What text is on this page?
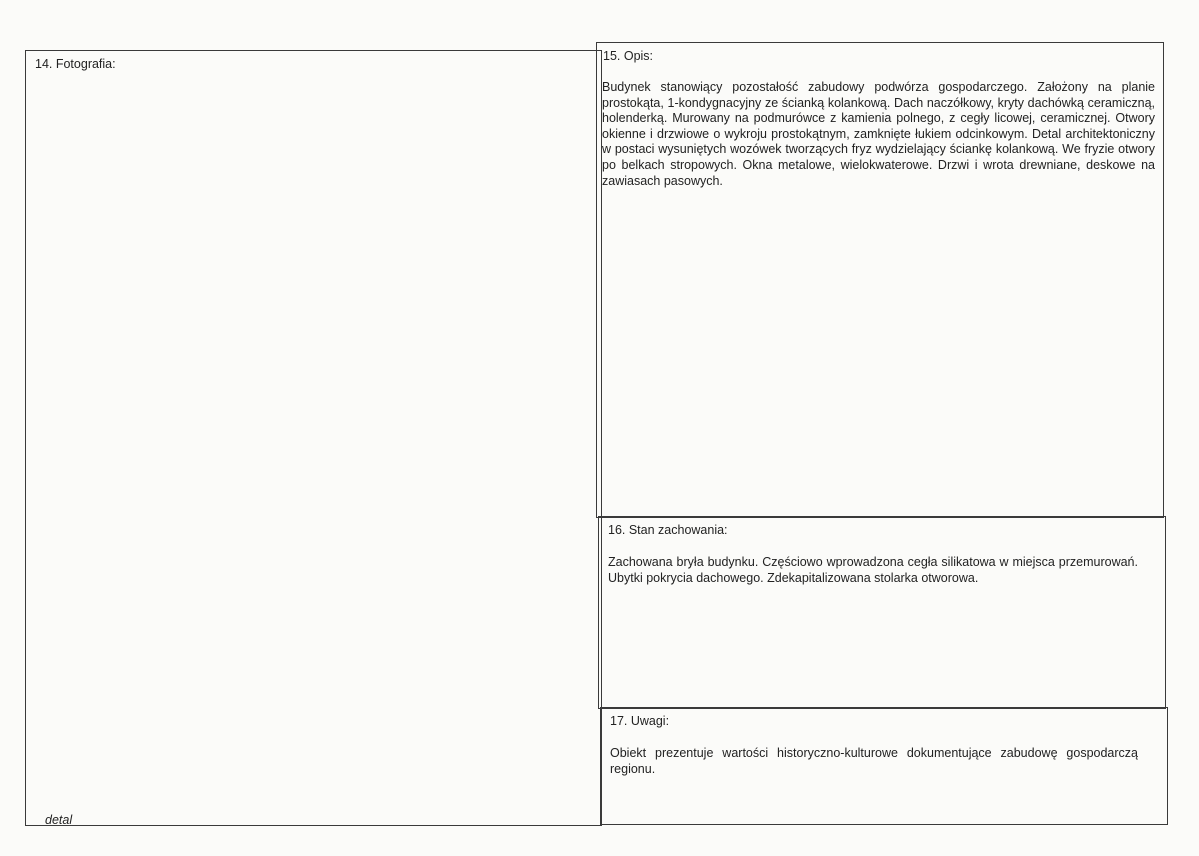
14. Fotografia:
detal
15. Opis:
Budynek stanowiący pozostałość zabudowy podwórza gospodarczego. Założony na planie prostokąta, 1-kondygnacyjny ze ścianką kolankową. Dach naczółkowy, kryty dachówką ceramiczną, holenderką. Murowany na podmurówce z kamienia polnego, z cegły licowej, ceramicznej. Otwory okienne i drzwiowe o wykroju prostokątnym, zamknięte łukiem odcinkowym. Detal architektoniczny w postaci wysuniętych wozówek tworzących fryz wydzielający ściankę kolankową. We fryzie otwory po belkach stropowych. Okna metalowe, wielokwaterowe. Drzwi i wrota drewniane, deskowe na zawiasach pasowych.
16. Stan zachowania:
Zachowana bryła budynku. Częściowo wprowadzona cegła silikatowa w miejsca przemurowań. Ubytki pokrycia dachowego. Zdekapitalizowana stolarka otworowa.
17. Uwagi:
Obiekt prezentuje wartości historyczno-kulturowe dokumentujące zabudowę gospodarczą regionu.
